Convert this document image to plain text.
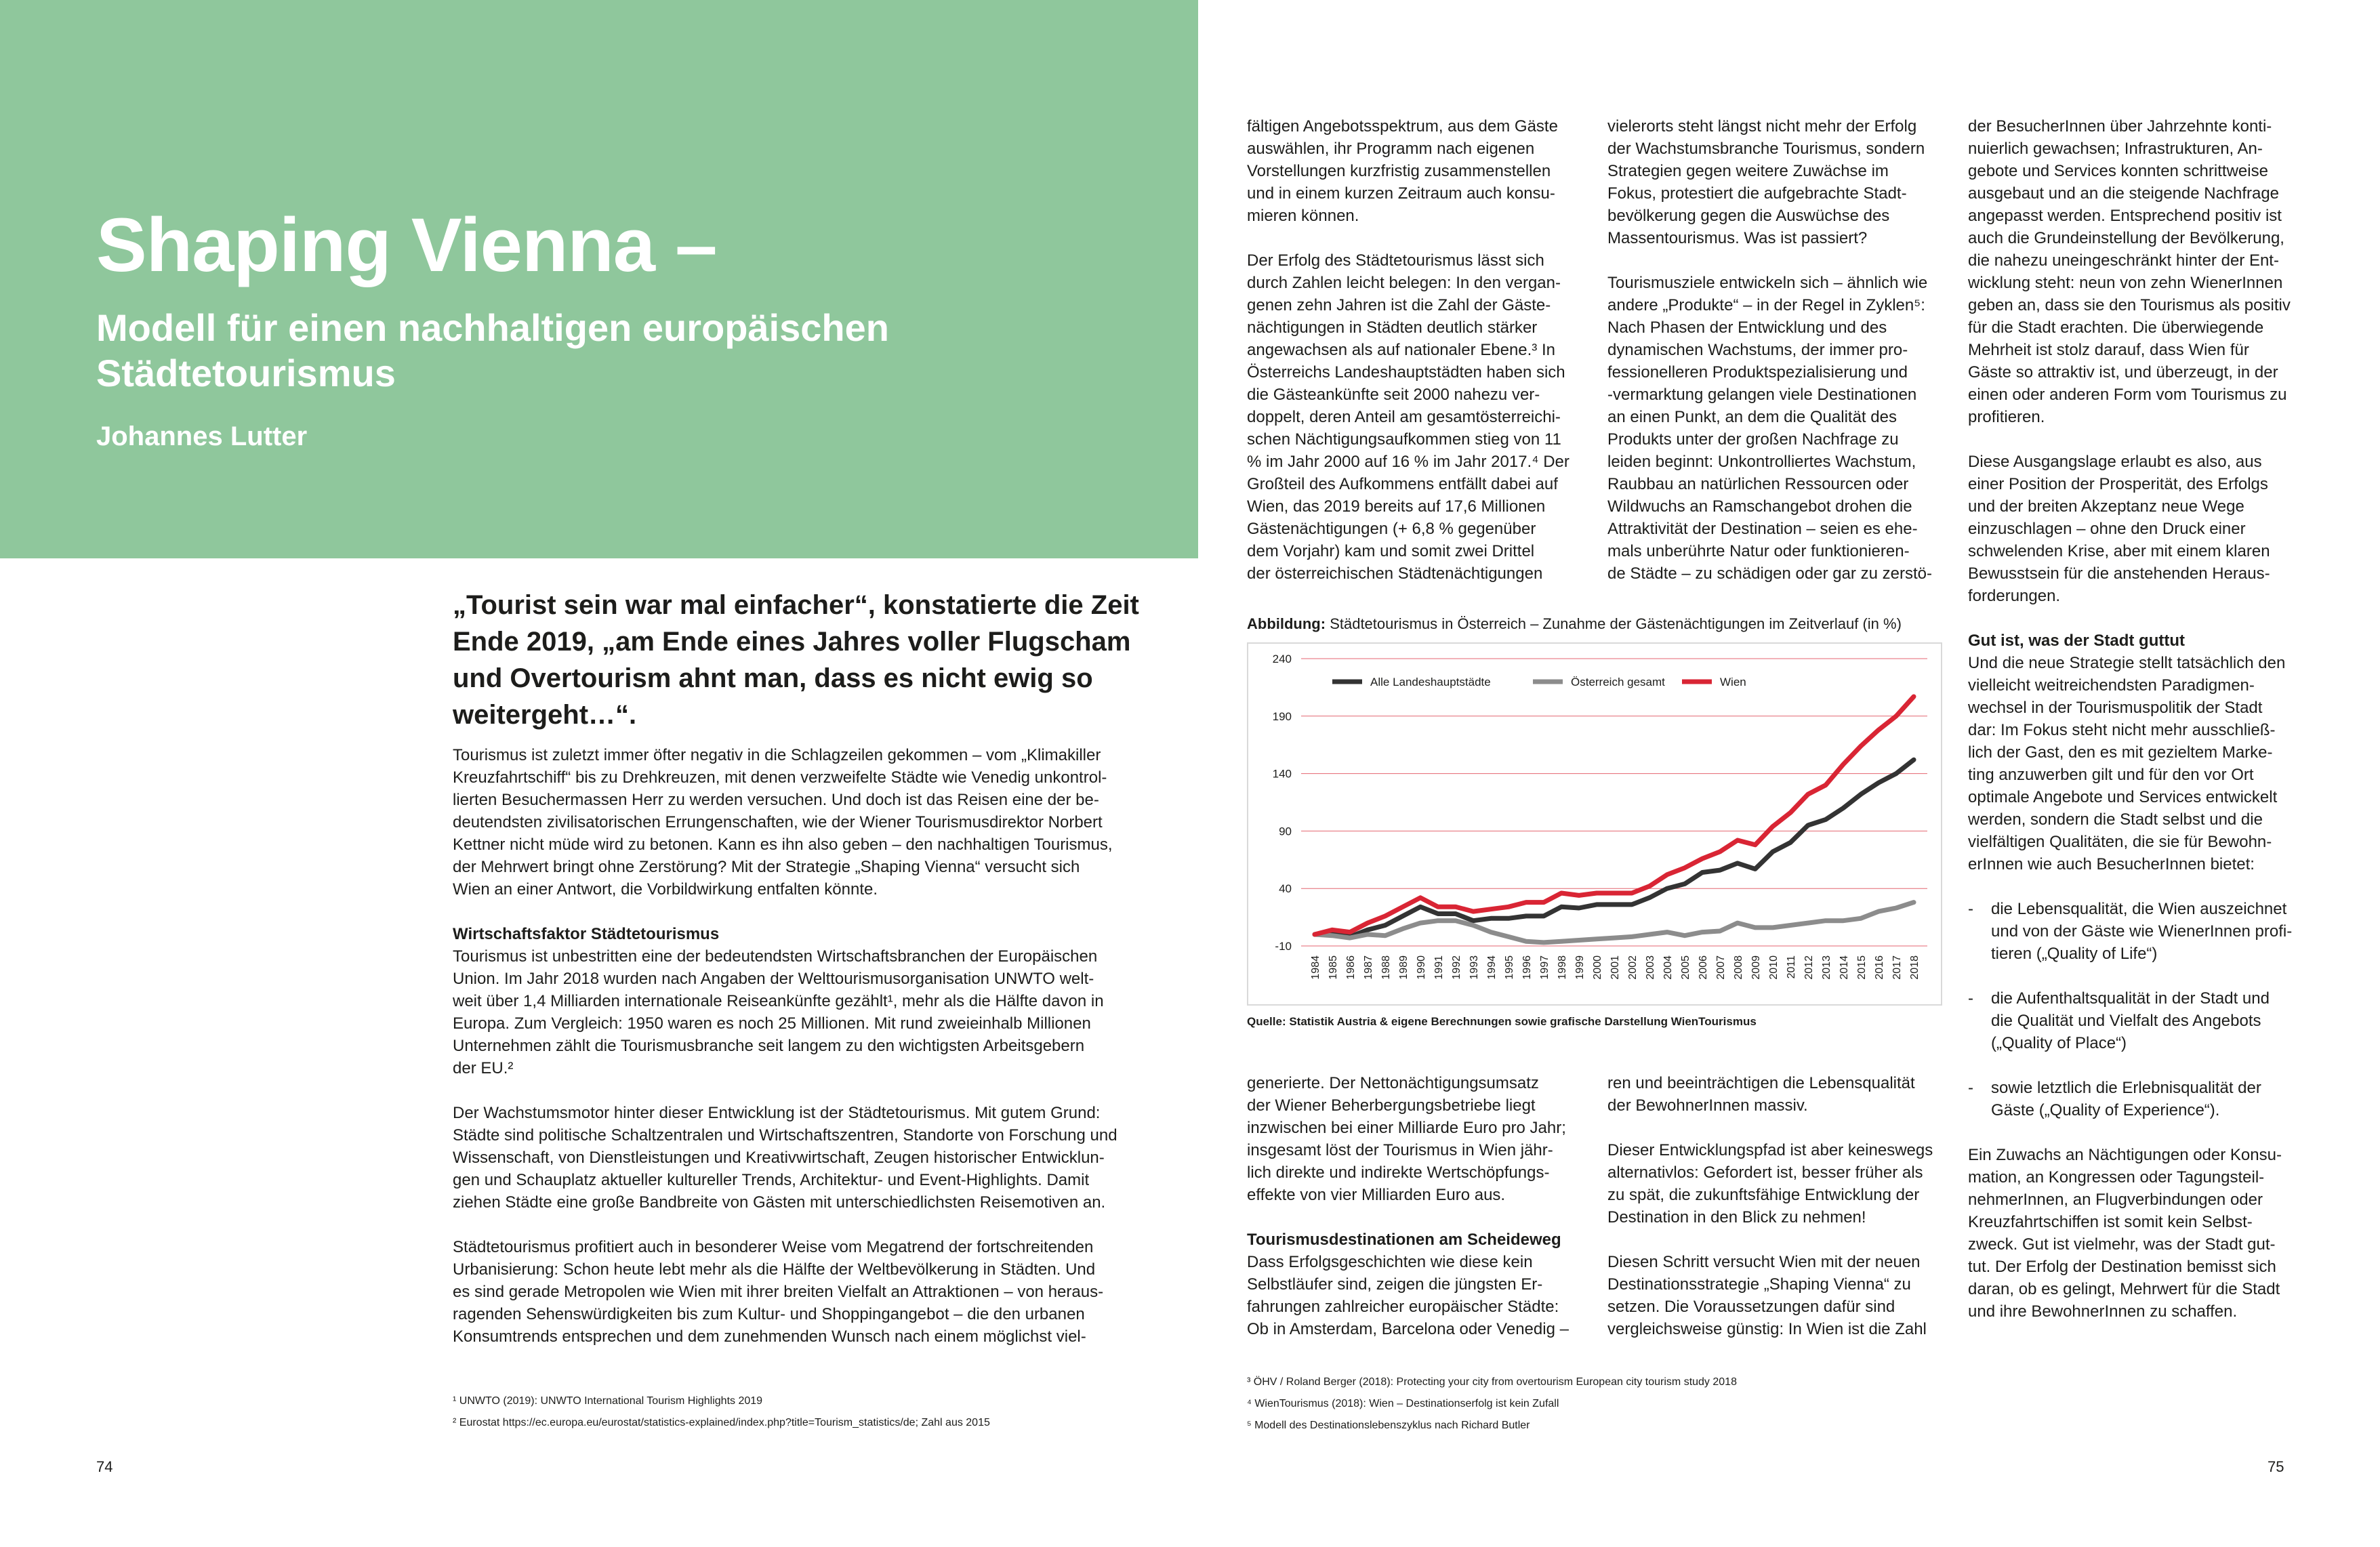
Shaping Vienna –
Modell für einen nachhaltigen europäischen
Städtetourismus
Johannes Lutter
„Tourist sein war mal einfacher“, konstatierte die Zeit
Ende 2019, „am Ende eines Jahres voller Flugscham
und Overtourism ahnt man, dass es nicht ewig so
weitergeht…“.
Tourismus ist zuletzt immer öfter negativ in die Schlagzeilen gekommen – vom „Klimakiller
Kreuzfahrtschiff“ bis zu Drehkreuzen, mit denen verzweifelte Städte wie Venedig unkontrol-
lierten Besuchermassen Herr zu werden versuchen. Und doch ist das Reisen eine der be-
deutendsten zivilisatorischen Errungenschaften, wie der Wiener Tourismusdirektor Norbert
Kettner nicht müde wird zu betonen. Kann es ihn also geben – den nachhaltigen Tourismus,
der Mehrwert bringt ohne Zerstörung? Mit der Strategie „Shaping Vienna“ versucht sich
Wien an einer Antwort, die Vorbildwirkung entfalten könnte.
Wirtschaftsfaktor Städtetourismus
Tourismus ist unbestritten eine der bedeutendsten Wirtschaftsbranchen der Europäischen
Union. Im Jahr 2018 wurden nach Angaben der Welttourismusorganisation UNWTO welt-
weit über 1,4 Milliarden internationale Reiseankünfte gezählt¹, mehr als die Hälfte davon in
Europa. Zum Vergleich: 1950 waren es noch 25 Millionen. Mit rund zweieinhalb Millionen
Unternehmen zählt die Tourismusbranche seit langem zu den wichtigsten Arbeitsgebern
der EU.²
Der Wachstumsmotor hinter dieser Entwicklung ist der Städtetourismus. Mit gutem Grund:
Städte sind politische Schaltzentralen und Wirtschaftszentren, Standorte von Forschung und
Wissenschaft, von Dienstleistungen und Kreativwirtschaft, Zeugen historischer Entwicklun-
gen und Schauplatz aktueller kultureller Trends, Architektur- und Event-Highlights. Damit
ziehen Städte eine große Bandbreite von Gästen mit unterschiedlichsten Reisemotiven an.
Städtetourismus profitiert auch in besonderer Weise vom Megatrend der fortschreitenden
Urbanisierung: Schon heute lebt mehr als die Hälfte der Weltbevölkerung in Städten. Und
es sind gerade Metropolen wie Wien mit ihrer breiten Vielfalt an Attraktionen – von heraus-
ragenden Sehenswürdigkeiten bis zum Kultur- und Shoppingangebot – die den urbanen
Konsumtrends entsprechen und dem zunehmenden Wunsch nach einem möglichst viel-
¹ UNWTO (2019): UNWTO International Tourism Highlights 2019
² Eurostat https://ec.europa.eu/eurostat/statistics-explained/index.php?title=Tourism_statistics/de; Zahl aus 2015
74
fältigen Angebotsspektrum, aus dem Gäste
auswählen, ihr Programm nach eigenen
Vorstellungen kurzfristig zusammenstellen
und in einem kurzen Zeitraum auch konsu-
mieren können.
Der Erfolg des Städtetourismus lässt sich
durch Zahlen leicht belegen: In den vergan-
genen zehn Jahren ist die Zahl der Gäste-
nächtigungen in Städten deutlich stärker
angewachsen als auf nationaler Ebene.³ In
Österreichs Landeshauptstädten haben sich
die Gästeankünfte seit 2000 nahezu ver-
doppelt, deren Anteil am gesamtösterreichi-
schen Nächtigungsaufkommen stieg von 11
% im Jahr 2000 auf 16 % im Jahr 2017.⁴ Der
Großteil des Aufkommens entfällt dabei auf
Wien, das 2019 bereits auf 17,6 Millionen
Gästenächtigungen (+ 6,8 % gegenüber
dem Vorjahr) kam und somit zwei Drittel
der österreichischen Städtenächtigungen
vielerorts steht längst nicht mehr der Erfolg
der Wachstumsbranche Tourismus, sondern
Strategien gegen weitere Zuwächse im
Fokus, protestiert die aufgebrachte Stadt-
bevölkerung gegen die Auswüchse des
Massentourismus. Was ist passiert?
Tourismusziele entwickeln sich – ähnlich wie
andere „Produkte“ – in der Regel in Zyklen⁵:
Nach Phasen der Entwicklung und des
dynamischen Wachstums, der immer pro-
fessionelleren Produktspezialisierung und
-vermarktung gelangen viele Destinationen
an einen Punkt, an dem die Qualität des
Produkts unter der großen Nachfrage zu
leiden beginnt: Unkontrolliertes Wachstum,
Raubbau an natürlichen Ressourcen oder
Wildwuchs an Ramschangebot drohen die
Attraktivität der Destination – seien es ehe-
mals unberührte Natur oder funktionieren-
de Städte – zu schädigen oder gar zu zerstö-
Abbildung: Städtetourismus in Österreich – Zunahme der Gästenächtigungen im Zeitverlauf (in %)
-10
40
90
140
190
240
1984 1985 1986 1987 1988 1989 1990 1991 1992 1993 1994 1995 1996 1997 1998 1999 2000 2001 2002 2003 2004 2005 2006 2007 2008 2009 2010 2011 2012 2013 2014 2015 2016 2017 2018
Alle Landeshauptstädte	Österreich gesamt	Wien
Quelle: Statistik Austria & eigene Berechnungen sowie grafische Darstellung WienTourismus
generierte. Der Nettonächtigungsumsatz
der Wiener Beherbergungsbetriebe liegt
inzwischen bei einer Milliarde Euro pro Jahr;
insgesamt löst der Tourismus in Wien jähr-
lich direkte und indirekte Wertschöpfungs-
effekte von vier Milliarden Euro aus.
Tourismusdestinationen am Scheideweg
Dass Erfolgsgeschichten wie diese kein
Selbstläufer sind, zeigen die jüngsten Er-
fahrungen zahlreicher europäischer Städte:
Ob in Amsterdam, Barcelona oder Venedig –
ren und beeinträchtigen die Lebensqualität
der BewohnerInnen massiv.
Dieser Entwicklungspfad ist aber keineswegs
alternativlos: Gefordert ist, besser früher als
zu spät, die zukunftsfähige Entwicklung der
Destination in den Blick zu nehmen!
Diesen Schritt versucht Wien mit der neuen
Destinationsstrategie „Shaping Vienna“ zu
setzen. Die Voraussetzungen dafür sind
vergleichsweise günstig: In Wien ist die Zahl
³ ÖHV / Roland Berger (2018): Protecting your city from overtourism European city tourism study 2018
⁴ WienTourismus (2018): Wien – Destinationserfolg ist kein Zufall
⁵ Modell des Destinationslebenszyklus nach Richard Butler
der BesucherInnen über Jahrzehnte konti-
nuierlich gewachsen; Infrastrukturen, An-
gebote und Services konnten schrittweise
ausgebaut und an die steigende Nachfrage
angepasst werden. Entsprechend positiv ist
auch die Grundeinstellung der Bevölkerung,
die nahezu uneingeschränkt hinter der Ent-
wicklung steht: neun von zehn WienerInnen
geben an, dass sie den Tourismus als positiv
für die Stadt erachten. Die überwiegende
Mehrheit ist stolz darauf, dass Wien für
Gäste so attraktiv ist, und überzeugt, in der
einen oder anderen Form vom Tourismus zu
profitieren.
Diese Ausgangslage erlaubt es also, aus
einer Position der Prosperität, des Erfolgs
und der breiten Akzeptanz neue Wege
einzuschlagen – ohne den Druck einer
schwelenden Krise, aber mit einem klaren
Bewusstsein für die anstehenden Heraus-
forderungen.
Gut ist, was der Stadt guttut
Und die neue Strategie stellt tatsächlich den
vielleicht weitreichendsten Paradigmen-
wechsel in der Tourismuspolitik der Stadt
dar: Im Fokus steht nicht mehr ausschließ-
lich der Gast, den es mit gezieltem Marke-
ting anzuwerben gilt und für den vor Ort
optimale Angebote und Services entwickelt
werden, sondern die Stadt selbst und die
vielfältigen Qualitäten, die sie für Bewohn-
erInnen wie auch BesucherInnen bietet:
-	die Lebensqualität, die Wien auszeichnet
und von der Gäste wie WienerInnen profi-
tieren („Quality of Life“)
-	die Aufenthaltsqualität in der Stadt und
die Qualität und Vielfalt des Angebots
(„Quality of Place“)
-	sowie letztlich die Erlebnisqualität der
Gäste („Quality of Experience“).
Ein Zuwachs an Nächtigungen oder Konsu-
mation, an Kongressen oder Tagungsteil-
nehmerInnen, an Flugverbindungen oder
Kreuzfahrtschiffen ist somit kein Selbst-
zweck. Gut ist vielmehr, was der Stadt gut-
tut. Der Erfolg der Destination bemisst sich
daran, ob es gelingt, Mehrwert für die Stadt
und ihre BewohnerInnen zu schaffen.
75
